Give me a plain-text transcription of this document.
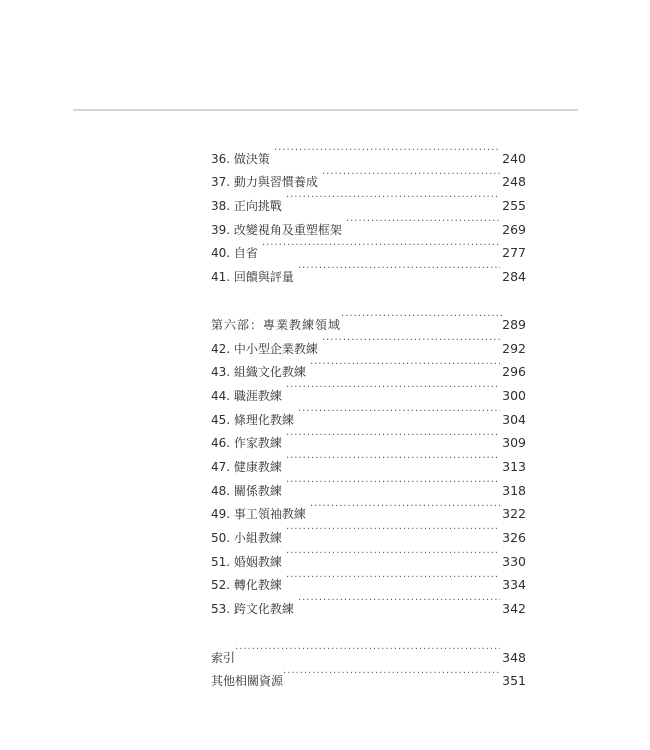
36. 做決策 ·····	240
37. 動力與習慣養成 ·····	248
38. 正向挑戰 ·····	255
39. 改變視角及重塑框架 ·····	269
40. 自省 ·····	277
41. 回饋與評量 ·····	284
第六部：專業教練領域 ·····	289
42. 中小型企業教練 ·····	292
43. 組織文化教練 ·····	296
44. 職涯教練 ·····	300
45. 條理化教練 ·····	304
46. 作家教練 ·····	309
47. 健康教練 ·····	313
48. 關係教練 ·····	318
49. 事工領袖教練 ·····	322
50. 小組教練 ·····	326
51. 婚姻教練 ·····	330
52. 轉化教練 ·····	334
53. 跨文化教練 ·····	342
索引 ·····	348
其他相關資源 ·····	351
